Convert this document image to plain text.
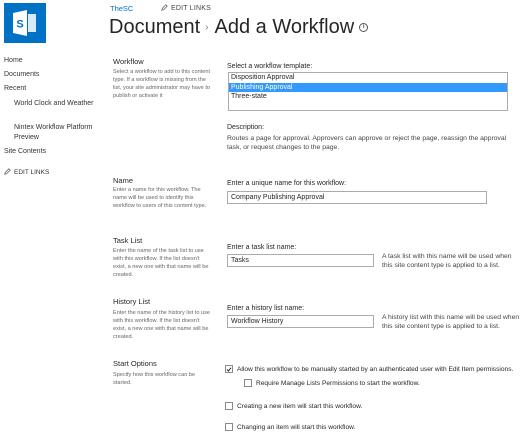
S
TheSC	EDIT LINKS
Document › Add a Workflow	i
Home
Documents
Recent
World Clock and Weather
Nintex Workflow Platform Preview
Site Contents
EDIT LINKS
Workflow
Select a workflow to add to this content type. If a workflow is missing from the list, your site administrator may have to publish or activate it
Select a workflow template:
Disposition Approval
Publishing Approval
Three-state
Description:
Routes a page for approval. Approvers can approve or reject the page, reassign the approval task, or request changes to the page.
Name
Enter a name for this workflow. The name will be used to identify this workflow to users of this content type.
Enter a unique name for this workflow:
Company Publishing Approval
Task List
Enter the name of the task list to use with this workflow. If the list doesn't exist, a new one with that name will be created.
Enter a task list name:
Tasks
A task list with this name will be used when this site content type is applied to a list.
History List
Enter the name of the history list to use with this workflow. If the list doesn't exist, a new one with that name will be created.
Enter a history list name:
Workflow History
A history list with this name will be used when this site content type is applied to a list.
Start Options
Specify how this workflow can be started.
Allow this workflow to be manually started by an authenticated user with Edit Item permissions.
Require Manage Lists Permissions to start the workflow.
Creating a new item will start this workflow.
Changing an item will start this workflow.
